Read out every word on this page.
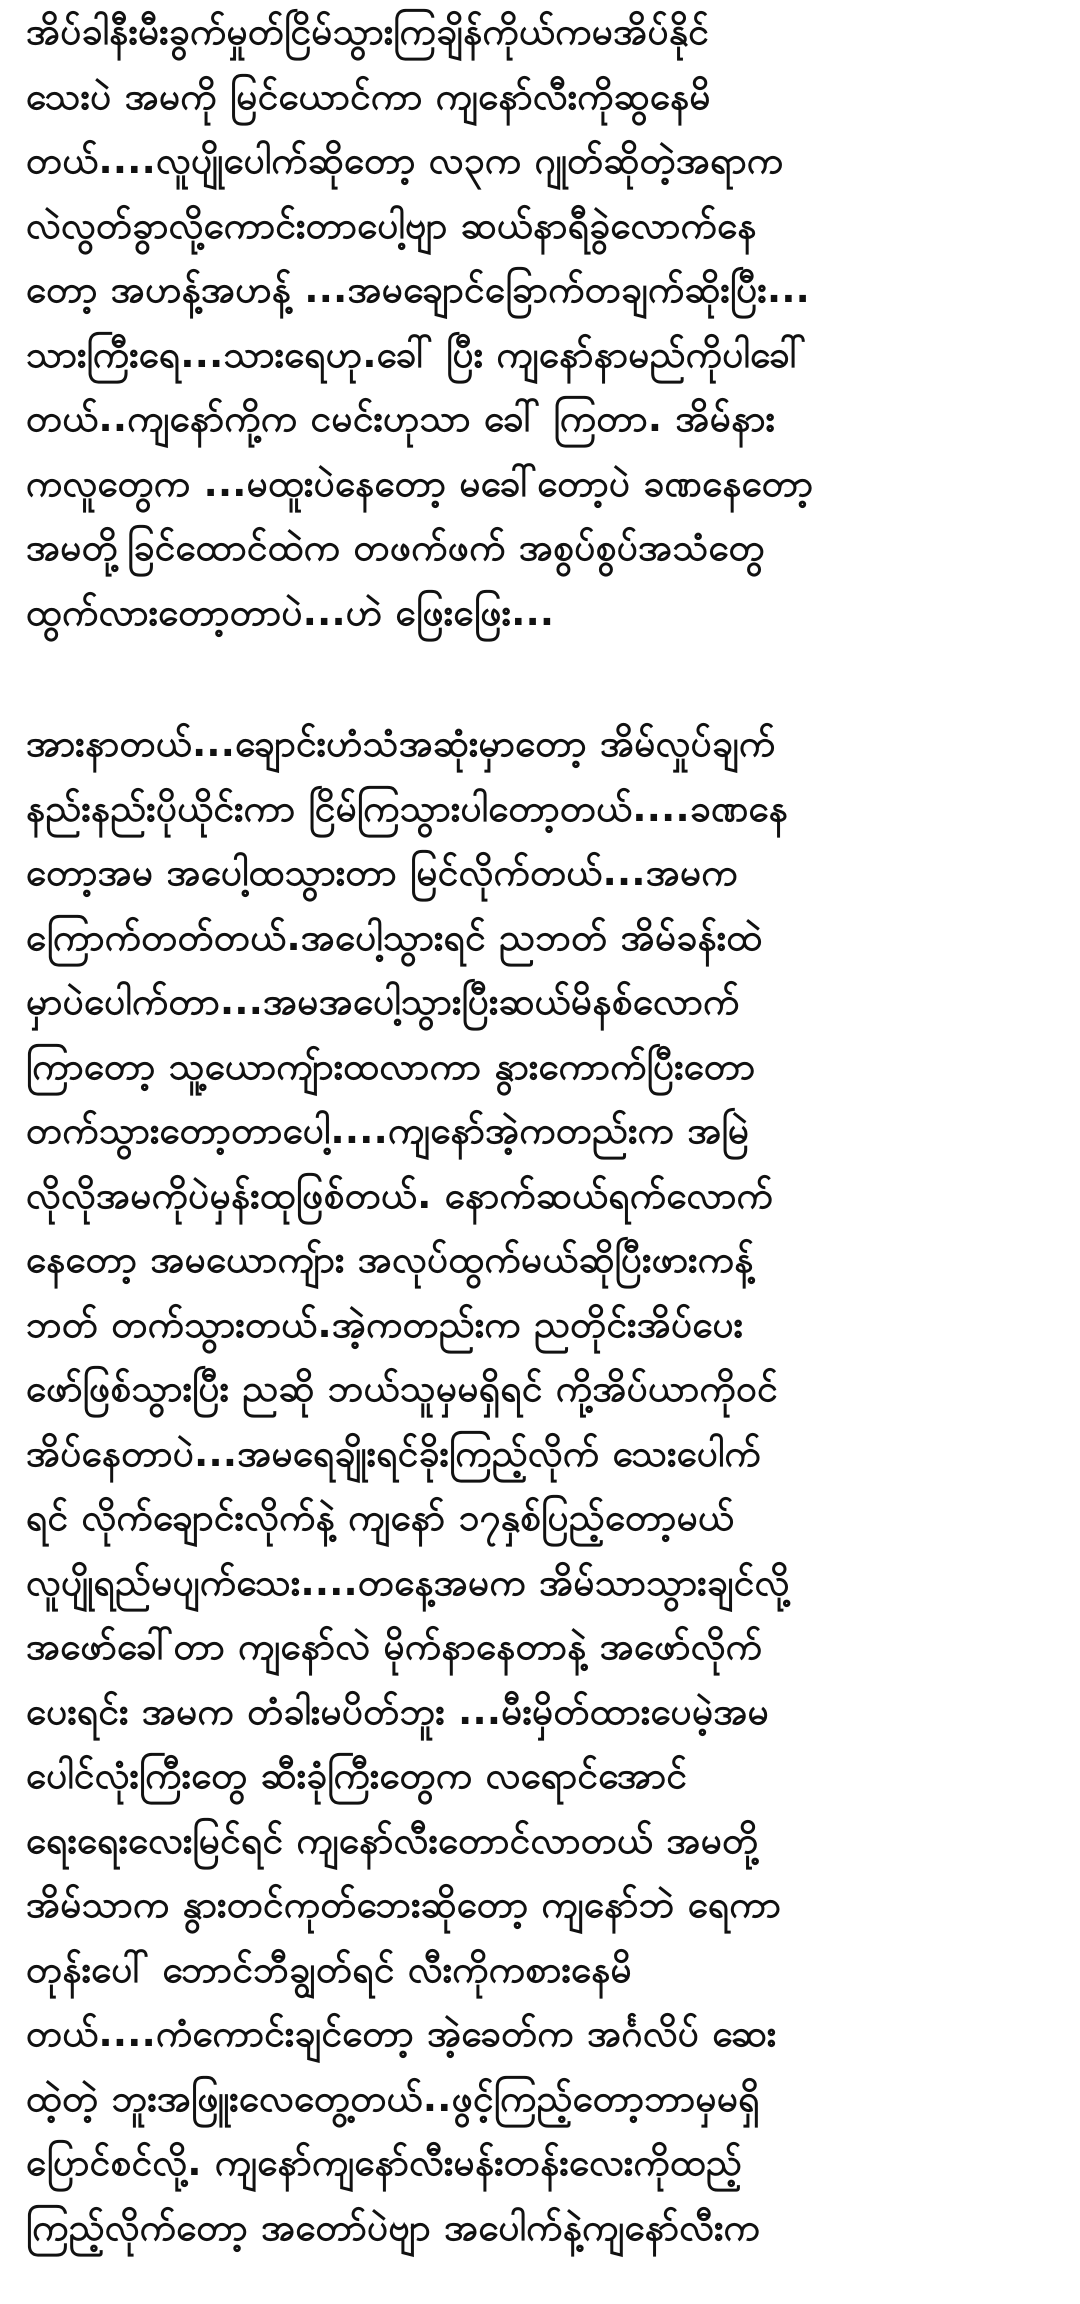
အိပ်ခါနီးမီးခွက်မှုတ်ငြိမ်သွားကြချိန်ကိုယ်ကမအိပ်နိုင်
သေးပဲ အမကို မြင်ယောင်ကာ ကျနော်လီးကိုဆွနေမိ
တယ်....လူပျိုပေါက်ဆိုတော့ လ၃က ဂျုတ်ဆိုတဲ့အရာက
လဲလွတ်ခွာလို့ကောင်းတာပေါ့ဗျာ ဆယ်နာရီခွဲလောက်နေ
တော့ အဟန့်အဟန့် ...အမချောင်ခြောက်တချက်ဆိုးပြီး...
သားကြီးရေ...သားရေဟု.ခေါ် ပြီး ကျနော်နာမည်ကိုပါခေါ်
တယ်..ကျနော်ကို့က ငမင်းဟုသာ ခေါ် ကြတာ. အိမ်နား
ကလူတွေက ...မထူးပဲနေတော့ မခေါ်တော့ပဲ ခဏနေတော့
အမတို့ခြင်ထောင်ထဲက တဖက်ဖက် အစွပ်စွပ်အသံတွေ
ထွက်လားတော့တာပဲ...ဟဲ ဖြေးဖြေး...

အားနာတယ်...ချောင်းဟံသံအဆုံးမှာတော့ အိမ်လှုပ်ချက်
နည်းနည်းပိုယိုင်းကာ ငြိမ်ကြသွားပါတော့တယ်....ခဏနေ
တော့အမ အပေါ့ထသွားတာ မြင်လိုက်တယ်...အမက
ကြောက်တတ်တယ်.အပေါ့သွားရင် ညဘတ် အိမ်ခန်းထဲ
မှာပဲပေါက်တာ...အမအပေါ့သွားပြီးဆယ်မိနစ်လောက်
ကြာတော့ သူ့ယောကျ်ားထလာကာ နွားကောက်ပြီးတော
တက်သွားတော့တာပေါ့....ကျနော်အဲ့ကတည်းက အမြဲ
လိုလိုအမကိုပဲမှန်းထုဖြစ်တယ်. နောက်ဆယ်ရက်လောက်
နေတော့ အမယောကျ်ား အလုပ်ထွက်မယ်ဆိုပြီးဖားကန့်
ဘတ် တက်သွားတယ်.အဲ့ကတည်းက ညတိုင်းအိပ်ပေး
ဖော်ဖြစ်သွားပြီး ညဆို ဘယ်သူမှမရှိရင် ကို့အိပ်ယာကိုဝင်
အိပ်နေတာပဲ...အမရေချိုးရင်ခိုးကြည့်လိုက် သေးပေါက်
ရင် လိုက်ချောင်းလိုက်နဲ့ ကျနော် ၁၇နှစ်ပြည့်တော့မယ်
လူပျိုရည်မပျက်သေး....တနေ့အမက အိမ်သာသွားချင်လို့
အဖော်ခေါ်တာ ကျနော်လဲ မိုက်နာနေတာနဲ့ အဖော်လိုက်
ပေးရင်း အမက တံခါးမပိတ်ဘူး ...မီးမှိတ်ထားပေမဲ့အမ
ပေါင်လုံးကြီးတွေ ဆီးခုံကြီးတွေက လရောင်အောင်
ရေးရေးလေးမြင်ရင် ကျနော်လီးတောင်လာတယ် အမတို့
အိမ်သာက နွားတင်ကုတ်ဘေးဆိုတော့ ကျနော်ဘဲ ရေကာ
တုန်းပေါ် ဘောင်ဘီချွတ်ရင် လီးကိုကစားနေမိ
တယ်....ကံကောင်းချင်တော့ အဲ့ခေတ်က အင်္ဂလိပ် ဆေး
ထဲ့တဲ့ ဘူးအဖြူးလေတွေ့တယ်..ဖွင့်ကြည့်တော့ဘာမှမရှိ
ပြောင်စင်လို့. ကျနော်ကျနော်လီးမန်းတန်းလေးကိုထည့်
ကြည့်လိုက်တော့ အတော်ပဲဗျာ အပေါက်နဲ့ကျနော်လီးက
